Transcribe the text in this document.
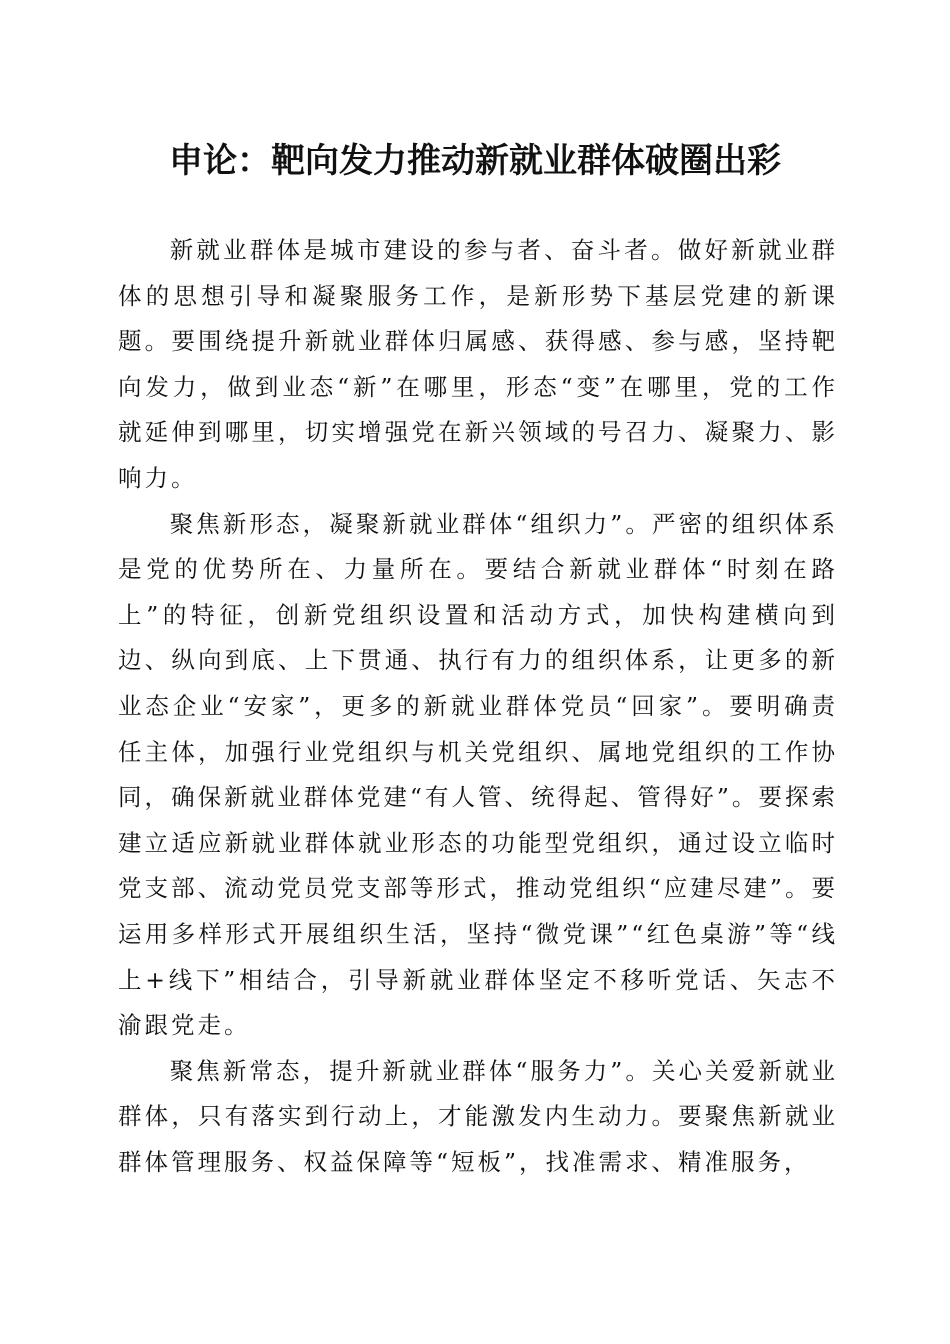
申论：靶向发力推动新就业群体破圈出彩

新就业群体是城市建设的参与者、奋斗者。做好新就业群体的思想引导和凝聚服务工作，是新形势下基层党建的新课题。要围绕提升新就业群体归属感、获得感、参与感，坚持靶向发力，做到业态“新”在哪里，形态“变”在哪里，党的工作就延伸到哪里，切实增强党在新兴领域的号召力、凝聚力、影响力。

聚焦新形态，凝聚新就业群体“组织力”。严密的组织体系是党的优势所在、力量所在。要结合新就业群体“时刻在路上”的特征，创新党组织设置和活动方式，加快构建横向到边、纵向到底、上下贯通、执行有力的组织体系，让更多的新业态企业“安家”，更多的新就业群体党员“回家”。要明确责任主体，加强行业党组织与机关党组织、属地党组织的工作协同，确保新就业群体党建“有人管、统得起、管得好”。要探索建立适应新就业群体就业形态的功能型党组织，通过设立临时党支部、流动党员党支部等形式，推动党组织“应建尽建”。要运用多样形式开展组织生活，坚持“微党课”“红色桌游”等“线上+线下”相结合，引导新就业群体坚定不移听党话、矢志不渝跟党走。

聚焦新常态，提升新就业群体“服务力”。关心关爱新就业群体，只有落实到行动上，才能激发内生动力。要聚焦新就业群体管理服务、权益保障等“短板”，找准需求、精准服务，
